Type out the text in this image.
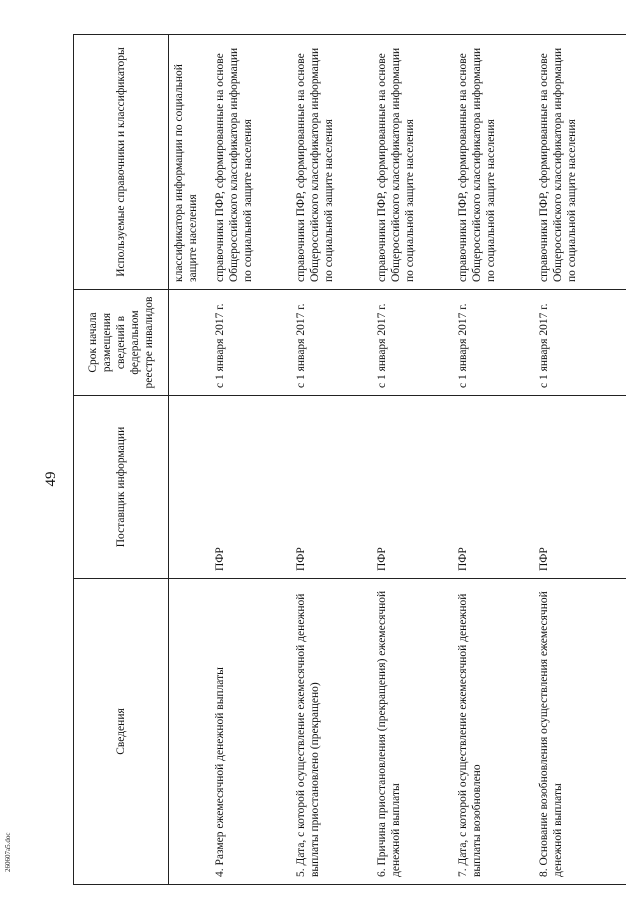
49
Сведения	Поставщик информации	Срок начала размещения сведений в федеральном реестре инвалидов	Используемые справочники и классификаторы
			классификатора информации по социальной защите населения
4. Размер ежемесячной денежной выплаты	ПФР	с 1 января 2017 г.	справочники ПФР, сформированные на основе Общероссийского классификатора информации по социальной защите населения
5. Дата, с которой осуществление ежемесячной денежной выплаты приостановлено (прекращено)	ПФР	с 1 января 2017 г.	справочники ПФР, сформированные на основе Общероссийского классификатора информации по социальной защите населения
6. Причина приостановления (прекращения) ежемесячной денежной выплаты	ПФР	с 1 января 2017 г.	справочники ПФР, сформированные на основе Общероссийского классификатора информации по социальной защите населения
7. Дата, с которой осуществление ежемесячной денежной выплаты возобновлено	ПФР	с 1 января 2017 г.	справочники ПФР, сформированные на основе Общероссийского классификатора информации по социальной защите населения
8. Основание возобновления осуществления ежемесячной денежной выплаты	ПФР	с 1 января 2017 г.	справочники ПФР, сформированные на основе Общероссийского классификатора информации по социальной защите населения
260607a5.doc
